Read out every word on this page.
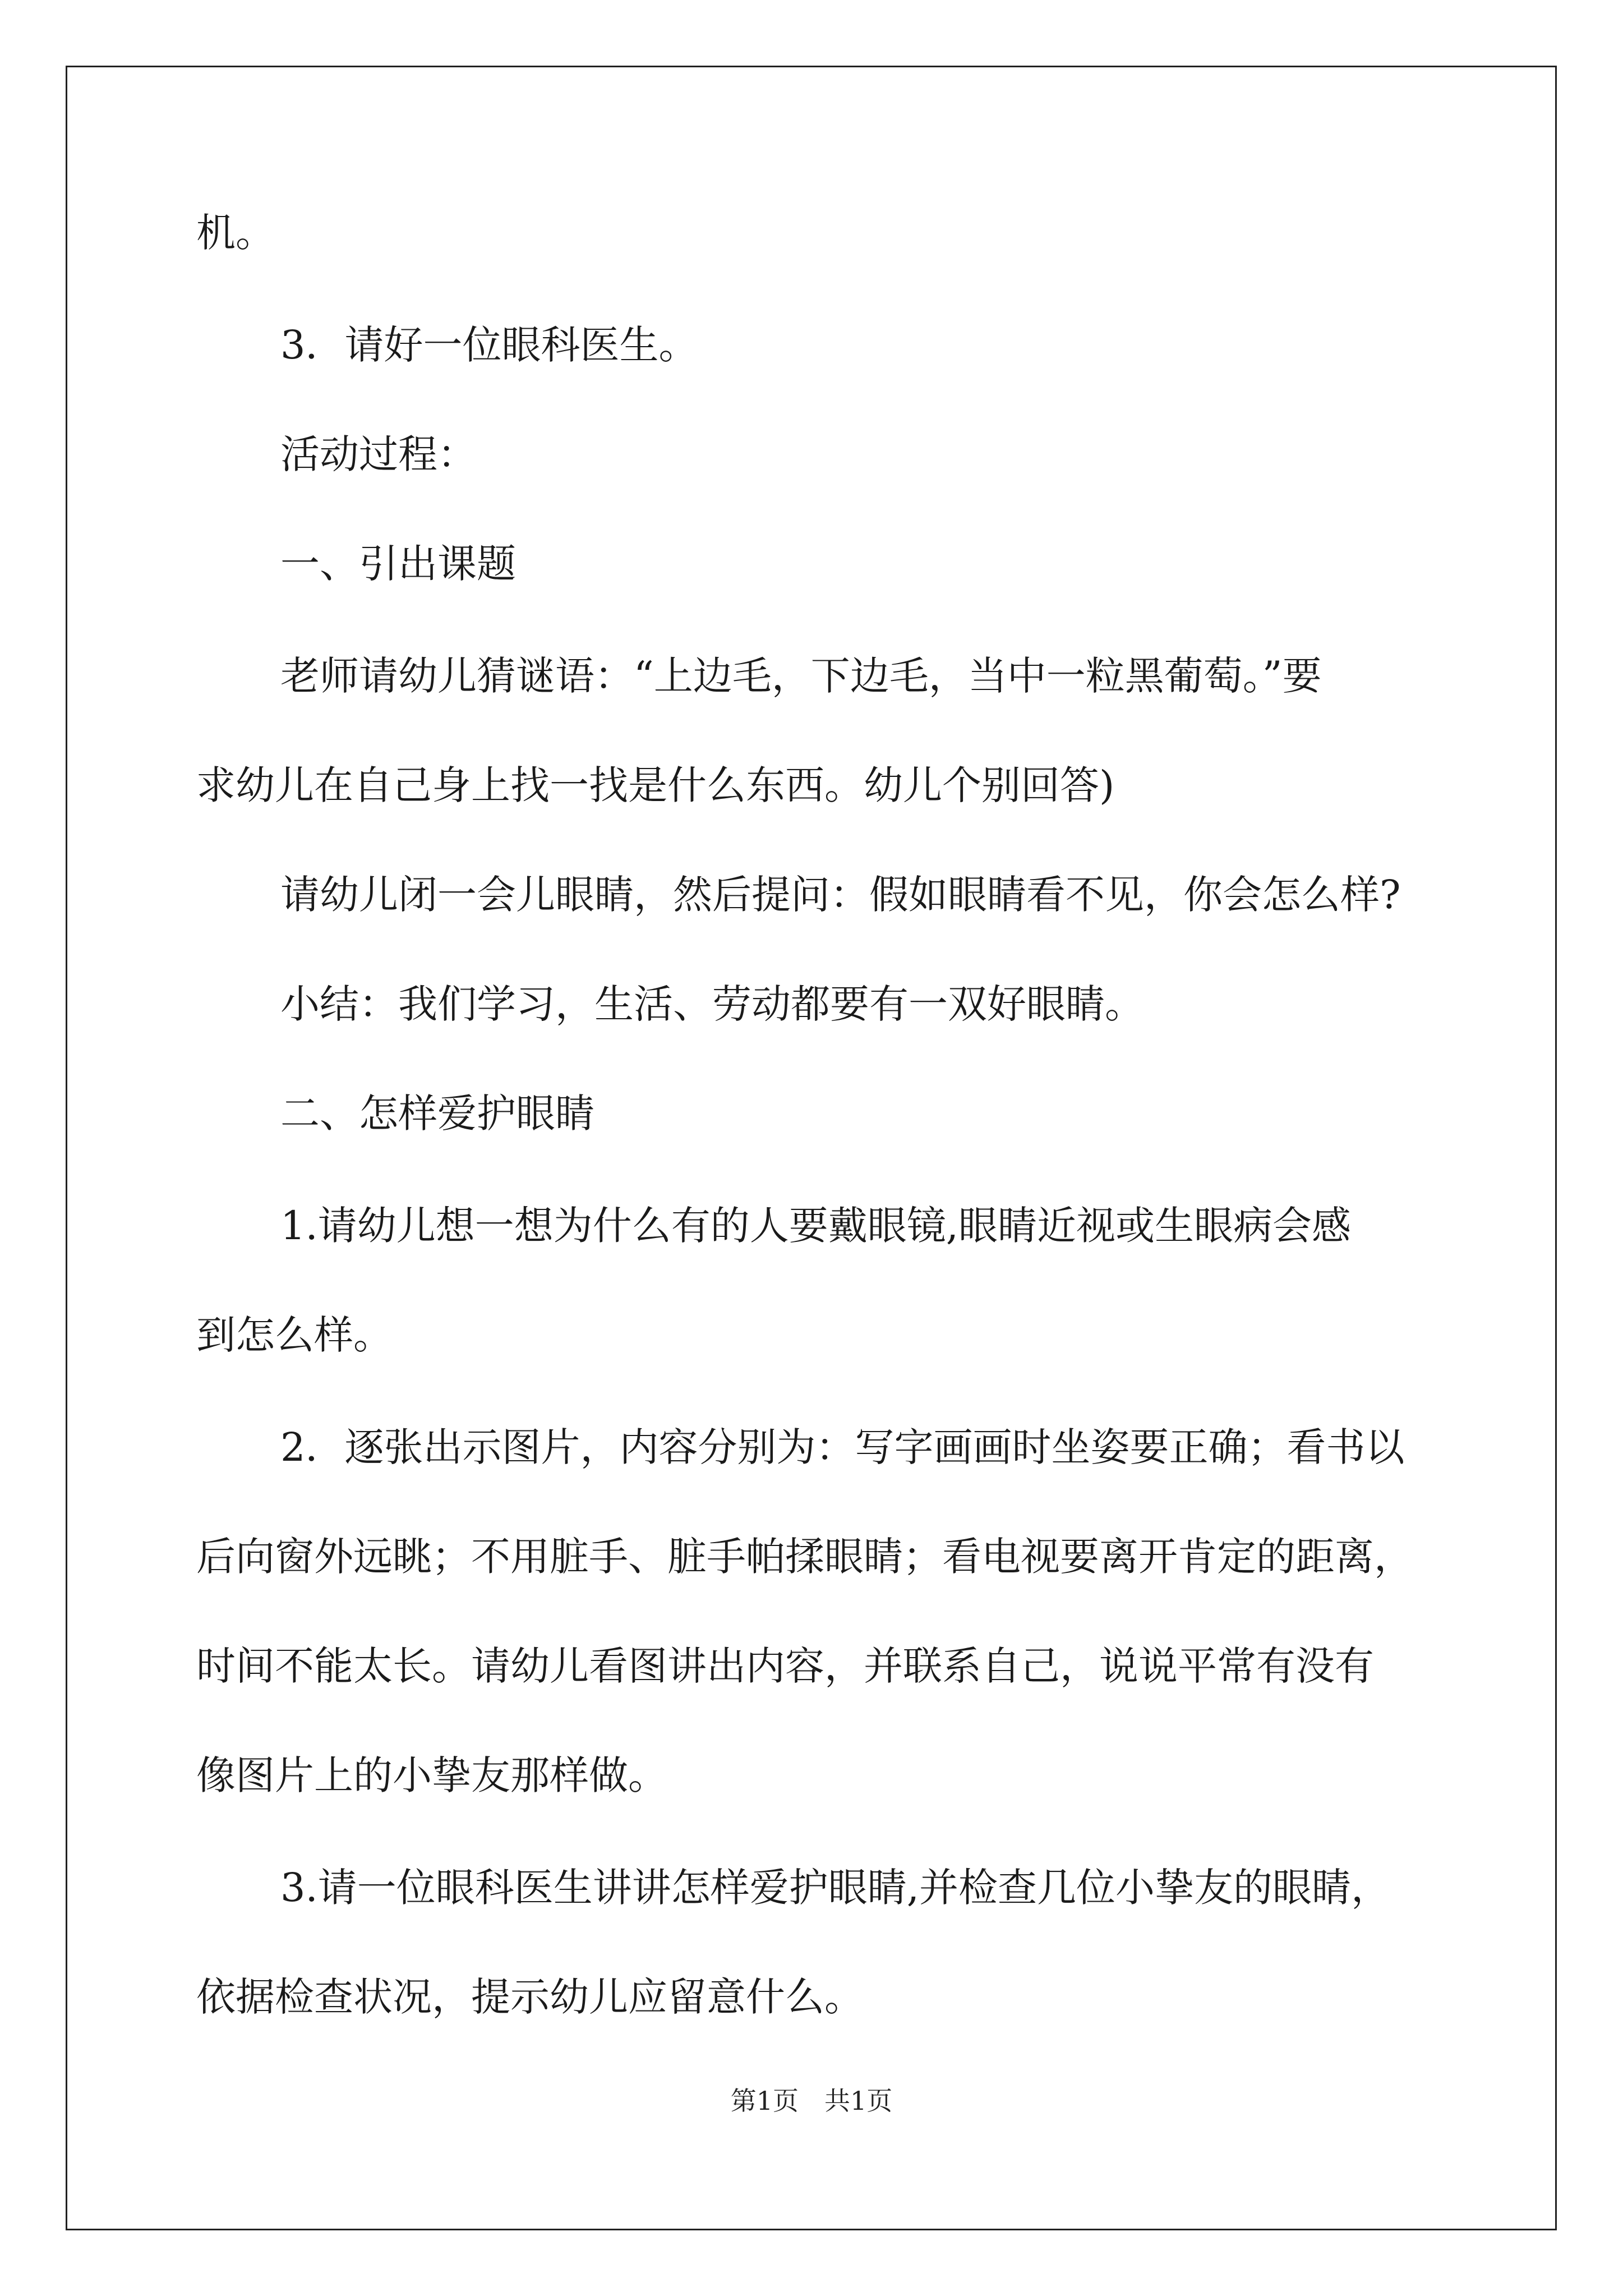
机。
3．请好一位眼科医生。
活动过程：
一、引出课题
老师请幼儿猜谜语：“上边毛，下边毛，当中一粒黑葡萄。”要
求幼儿在自己身上找一找是什么东西。幼儿个别回答)
请幼儿闭一会儿眼睛，然后提问：假如眼睛看不见，你会怎么样?
小结：我们学习，生活、劳动都要有一双好眼睛。
二、怎样爱护眼睛
1.请幼儿想一想为什么有的人要戴眼镜,眼睛近视或生眼病会感
到怎么样。
2．逐张出示图片，内容分别为：写字画画时坐姿要正确；看书以
后向窗外远眺；不用脏手、脏手帕揉眼睛；看电视要离开肯定的距离，
时间不能太长。请幼儿看图讲出内容，并联系自己，说说平常有没有
像图片上的小挚友那样做。
3.请一位眼科医生讲讲怎样爱护眼睛,并检查几位小挚友的眼睛，
依据检查状况，提示幼儿应留意什么。
第1页　共1页
